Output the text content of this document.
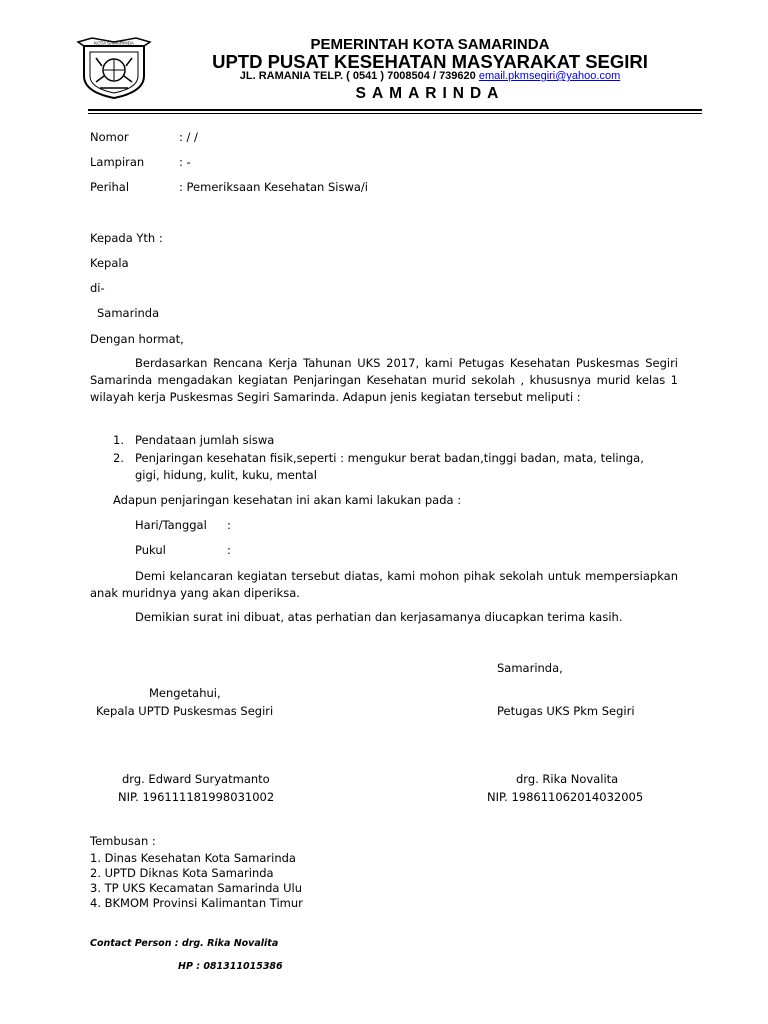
KOTA SAMARINDA	PEMERINTAH KOTA SAMARINDA
UPTD PUSAT KESEHATAN MASYARAKAT SEGIRI
JL. RAMANIA TELP. ( 0541 ) 7008504 / 739620 email.pkmsegiri@yahoo.com
SAMARINDA
Nomor	: / /
Lampiran	: -
Perihal	: Pemeriksaan Kesehatan Siswa/i
Kepada Yth :
Kepala
di-
Samarinda
Dengan hormat,
Berdasarkan Rencana Kerja Tahunan UKS 2017, kami Petugas Kesehatan Puskesmas Segiri Samarinda mengadakan kegiatan Penjaringan Kesehatan murid sekolah , khususnya murid kelas 1 wilayah kerja Puskesmas Segiri Samarinda. Adapun jenis kegiatan tersebut meliputi :
1. Pendataan jumlah siswa
2. Penjaringan kesehatan fisik,seperti : mengukur berat badan,tinggi badan, mata, telinga,
gigi, hidung, kulit, kuku, mental
Adapun penjaringan kesehatan ini akan kami lakukan pada :
Hari/Tanggal :
Pukul	:
Demi kelancaran kegiatan tersebut diatas, kami mohon pihak sekolah untuk mempersiapkan anak muridnya yang akan diperiksa.
Demikian surat ini dibuat, atas perhatian dan kerjasamanya diucapkan terima kasih.
Samarinda,
Mengetahui,
Kepala UPTD Puskesmas Segiri	Petugas UKS Pkm Segiri
drg. Edward Suryatmanto
NIP. 196111181998031002
drg. Rika Novalita
NIP. 198611062014032005
Tembusan :
1. Dinas Kesehatan Kota Samarinda
2. UPTD Diknas Kota Samarinda
3. TP UKS Kecamatan Samarinda Ulu
4. BKMOM Provinsi Kalimantan Timur
Contact Person : drg. Rika Novalita
HP : 081311015386
